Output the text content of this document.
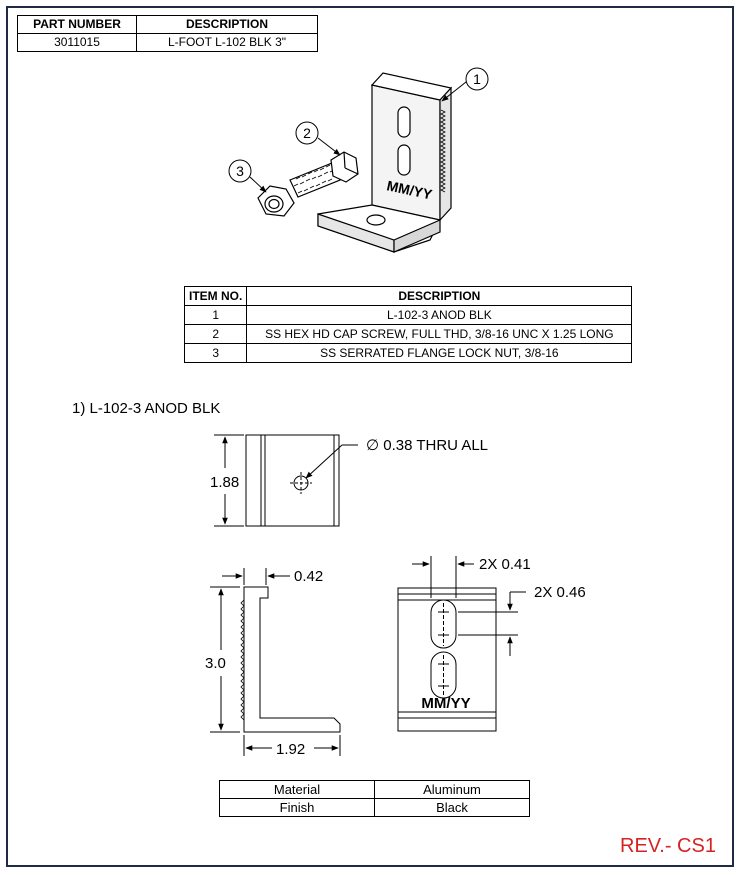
PART NUMBER	DESCRIPTION
3011015	L-FOOT L-102 BLK 3"
ITEM NO.	DESCRIPTION
1	L-102-3 ANOD BLK
2	SS HEX HD CAP SCREW, FULL THD, 3/8-16 UNC X 1.25 LONG
3	SS SERRATED FLANGE LOCK NUT, 3/8-16
1) L-102-3 ANOD BLK
MM/YY
1
2
3
∅ 0.38 THRU ALL
1.88
0.42
3.0
1.92
MM/YY
2X 0.41
2X 0.46
Material	Aluminum
Finish	Black
REV.- CS1
